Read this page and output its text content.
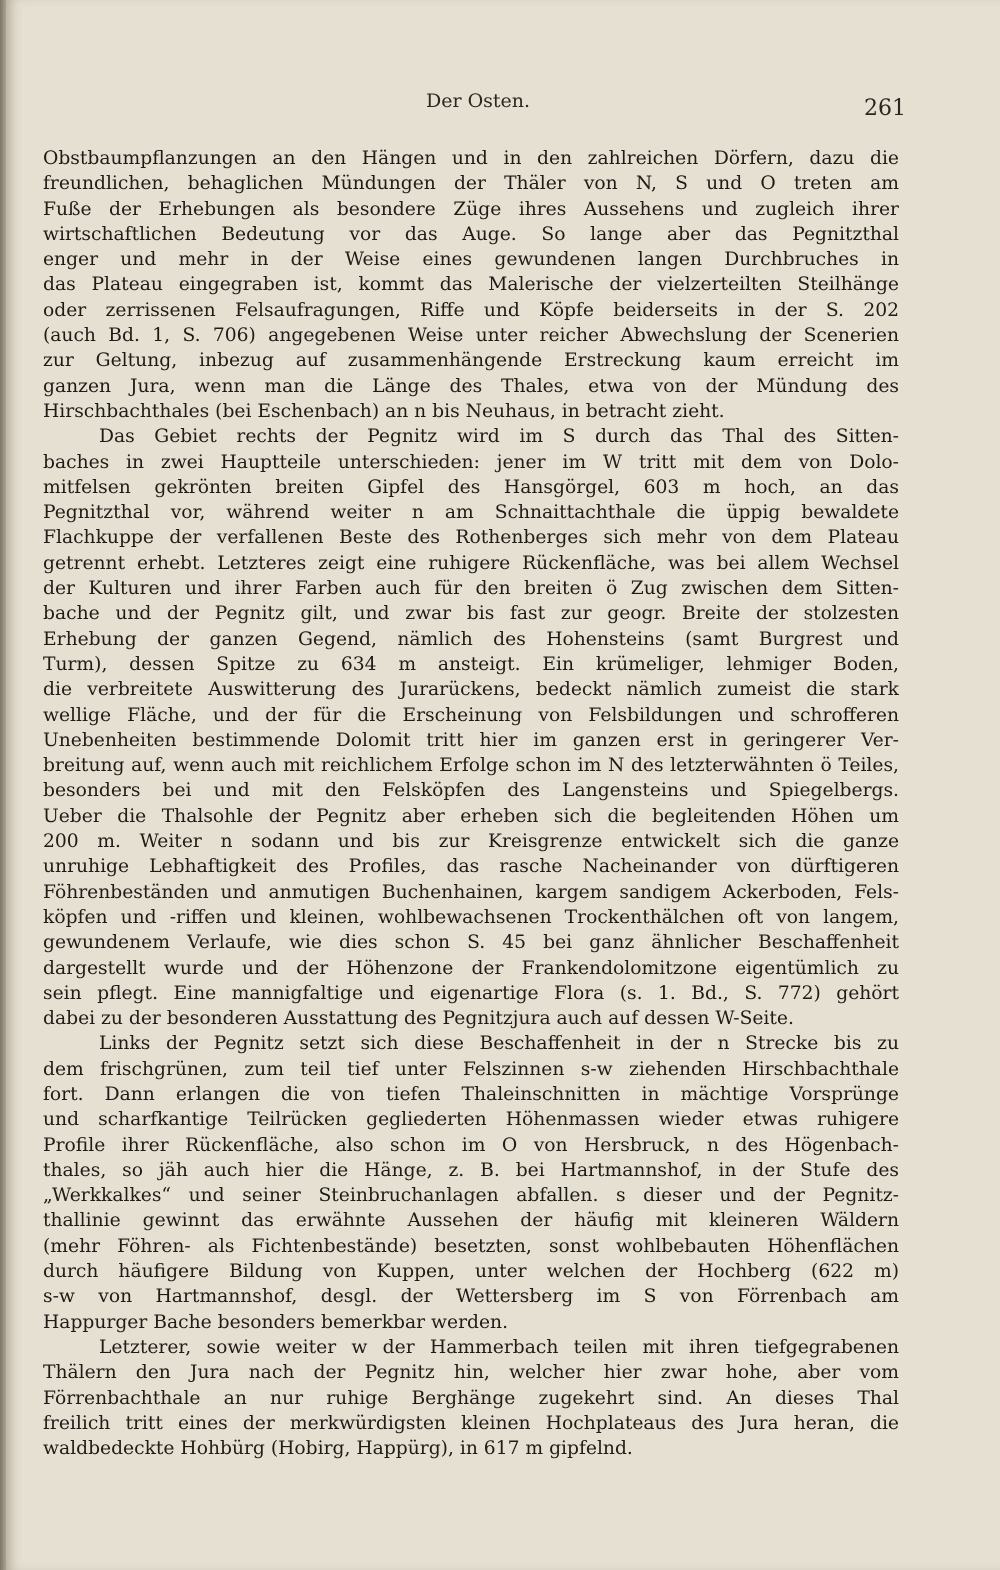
Der Osten.	261
Obstbaumpflanzungen an den Hängen und in den zahlreichen Dörfern, dazu die
freundlichen, behaglichen Mündungen der Thäler von N, S und O treten am
Fuße der Erhebungen als besondere Züge ihres Aussehens und zugleich ihrer
wirtschaftlichen Bedeutung vor das Auge. So lange aber das Pegnitzthal
enger und mehr in der Weise eines gewundenen langen Durchbruches in
das Plateau eingegraben ist, kommt das Malerische der vielzerteilten Steilhänge
oder zerrissenen Felsaufragungen, Riffe und Köpfe beiderseits in der S. 202
(auch Bd. 1, S. 706) angegebenen Weise unter reicher Abwechslung der Scenerien
zur Geltung, inbezug auf zusammenhängende Erstreckung kaum erreicht im
ganzen Jura, wenn man die Länge des Thales, etwa von der Mündung des
Hirschbachthales (bei Eschenbach) an n bis Neuhaus, in betracht zieht.
Das Gebiet rechts der Pegnitz wird im S durch das Thal des Sitten-
baches in zwei Hauptteile unterschieden: jener im W tritt mit dem von Dolo-
mitfelsen gekrönten breiten Gipfel des Hansgörgel, 603 m hoch, an das
Pegnitzthal vor, während weiter n am Schnaittachthale die üppig bewaldete
Flachkuppe der verfallenen Beste des Rothenberges sich mehr von dem Plateau
getrennt erhebt. Letzteres zeigt eine ruhigere Rückenfläche, was bei allem Wechsel
der Kulturen und ihrer Farben auch für den breiten ö Zug zwischen dem Sitten-
bache und der Pegnitz gilt, und zwar bis fast zur geogr. Breite der stolzesten
Erhebung der ganzen Gegend, nämlich des Hohensteins (samt Burgrest und
Turm), dessen Spitze zu 634 m ansteigt. Ein krümeliger, lehmiger Boden,
die verbreitete Auswitterung des Jurarückens, bedeckt nämlich zumeist die stark
wellige Fläche, und der für die Erscheinung von Felsbildungen und schrofferen
Unebenheiten bestimmende Dolomit tritt hier im ganzen erst in geringerer Ver-
breitung auf, wenn auch mit reichlichem Erfolge schon im N des letzterwähnten ö Teiles,
besonders bei und mit den Felsköpfen des Langensteins und Spiegelbergs.
Ueber die Thalsohle der Pegnitz aber erheben sich die begleitenden Höhen um
200 m. Weiter n sodann und bis zur Kreisgrenze entwickelt sich die ganze
unruhige Lebhaftigkeit des Profiles, das rasche Nacheinander von dürftigeren
Föhrenbeständen und anmutigen Buchenhainen, kargem sandigem Ackerboden, Fels-
köpfen und -riffen und kleinen, wohlbewachsenen Trockenthälchen oft von langem,
gewundenem Verlaufe, wie dies schon S. 45 bei ganz ähnlicher Beschaffenheit
dargestellt wurde und der Höhenzone der Frankendolomitzone eigentümlich zu
sein pflegt. Eine mannigfaltige und eigenartige Flora (s. 1. Bd., S. 772) gehört
dabei zu der besonderen Ausstattung des Pegnitzjura auch auf dessen W-Seite.
Links der Pegnitz setzt sich diese Beschaffenheit in der n Strecke bis zu
dem frischgrünen, zum teil tief unter Felszinnen s-w ziehenden Hirschbachthale
fort. Dann erlangen die von tiefen Thaleinschnitten in mächtige Vorsprünge
und scharfkantige Teilrücken gegliederten Höhenmassen wieder etwas ruhigere
Profile ihrer Rückenfläche, also schon im O von Hersbruck, n des Högenbach-
thales, so jäh auch hier die Hänge, z. B. bei Hartmannshof, in der Stufe des
„Werkkalkes“ und seiner Steinbruchanlagen abfallen. s dieser und der Pegnitz-
thallinie gewinnt das erwähnte Aussehen der häufig mit kleineren Wäldern
(mehr Föhren- als Fichtenbestände) besetzten, sonst wohlbebauten Höhenflächen
durch häufigere Bildung von Kuppen, unter welchen der Hochberg (622 m)
s-w von Hartmannshof, desgl. der Wettersberg im S von Förrenbach am
Happurger Bache besonders bemerkbar werden.
Letzterer, sowie weiter w der Hammerbach teilen mit ihren tiefgegrabenen
Thälern den Jura nach der Pegnitz hin, welcher hier zwar hohe, aber vom
Förrenbachthale an nur ruhige Berghänge zugekehrt sind. An dieses Thal
freilich tritt eines der merkwürdigsten kleinen Hochplateaus des Jura heran, die
waldbedeckte Hohbürg (Hobirg, Happürg), in 617 m gipfelnd.
